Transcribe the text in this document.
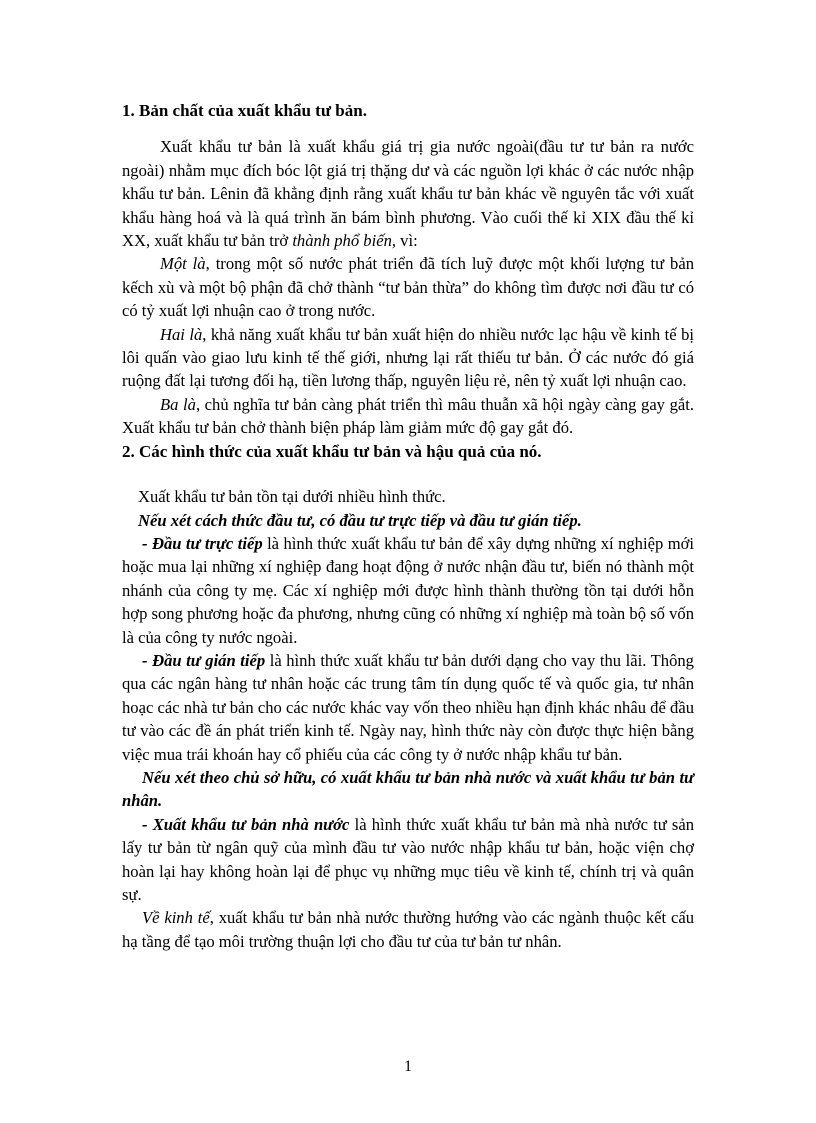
1. Bản chất của xuất khẩu tư bản.

Xuất khẩu tư bản là xuất khẩu giá trị gia nước ngoài(đầu tư tư bản ra nước ngoài) nhằm mục đích bóc lột giá trị thặng dư và các nguồn lợi khác ở các nước nhập khẩu tư bản. Lênin đã khẳng định rằng xuất khẩu tư bản khác về nguyên tắc với xuất khẩu hàng hoá và là quá trình ăn bám bình phương. Vào cuối thế kỉ XIX đầu thế kỉ XX, xuất khẩu tư bản trở thành phổ biến, vì:

Một là, trong một số nước phát triển đã tích luỹ được một khối lượng tư bản kếch xù và một bộ phận đã chở thành “tư bản thừa” do không tìm được nơi đầu tư có có tỷ xuất lợi nhuận cao ở trong nước.

Hai là, khả năng xuất khẩu tư bản xuất hiện do nhiều nước lạc hậu về kinh tế bị lôi quấn vào giao lưu kinh tế thế giới, nhưng lại rất thiếu tư bản. Ở các nước đó giá ruộng đất lại tương đối hạ, tiền lương thấp, nguyên liệu rẻ, nên tỷ xuất lợi nhuận cao.

Ba là, chủ nghĩa tư bản càng phát triển thì mâu thuẫn xã hội ngày càng gay gắt. Xuất khẩu tư bản chở thành biện pháp làm giảm mức độ gay gắt đó.

2. Các hình thức của xuất khẩu tư bản và hậu quả của nó.

Xuất khẩu tư bản tồn tại dưới nhiều hình thức.

Nếu xét cách thức đầu tư, có đầu tư trực tiếp và đầu tư gián tiếp.

- Đầu tư trực tiếp là hình thức xuất khẩu tư bản để xây dựng những xí nghiệp mới hoặc mua lại những xí nghiệp đang hoạt động ở nước nhận đầu tư, biến nó thành một nhánh của công ty mẹ. Các xí nghiệp mới được hình thành thường tồn tại dưới hỗn hợp song phương hoặc đa phương, nhưng cũng có những xí nghiệp mà toàn bộ số vốn là của công ty nước ngoài.

- Đầu tư gián tiếp là hình thức xuất khẩu tư bản dưới dạng cho vay thu lãi. Thông qua các ngân hàng tư nhân hoặc các trung tâm tín dụng quốc tế và quốc gia, tư nhân hoạc các nhà tư bản cho các nước khác vay vốn theo nhiều hạn định khác nhâu để đầu tư vào các đề án phát triển kinh tế. Ngày nay, hình thức này còn được thực hiện bằng việc mua trái khoán hay cổ phiếu của các công ty ở nước nhập khẩu tư bản.

Nếu xét theo chủ sở hữu, có xuất khẩu tư bản nhà nước và xuất khẩu tư bản tư nhân.

- Xuất khẩu tư bản nhà nước là hình thức xuất khẩu tư bản mà nhà nước tư sản lấy tư bản từ ngân quỹ của mình đầu tư vào nước nhập khẩu tư bản, hoặc viện chợ hoàn lại hay không hoàn lại để phục vụ những mục tiêu về kinh tế, chính trị và quân sự.

Về kinh tế, xuất khẩu tư bản nhà nước thường hướng vào các ngành thuộc kết cấu hạ tầng để tạo môi trường thuận lợi cho đầu tư của tư bản tư nhân.

1
